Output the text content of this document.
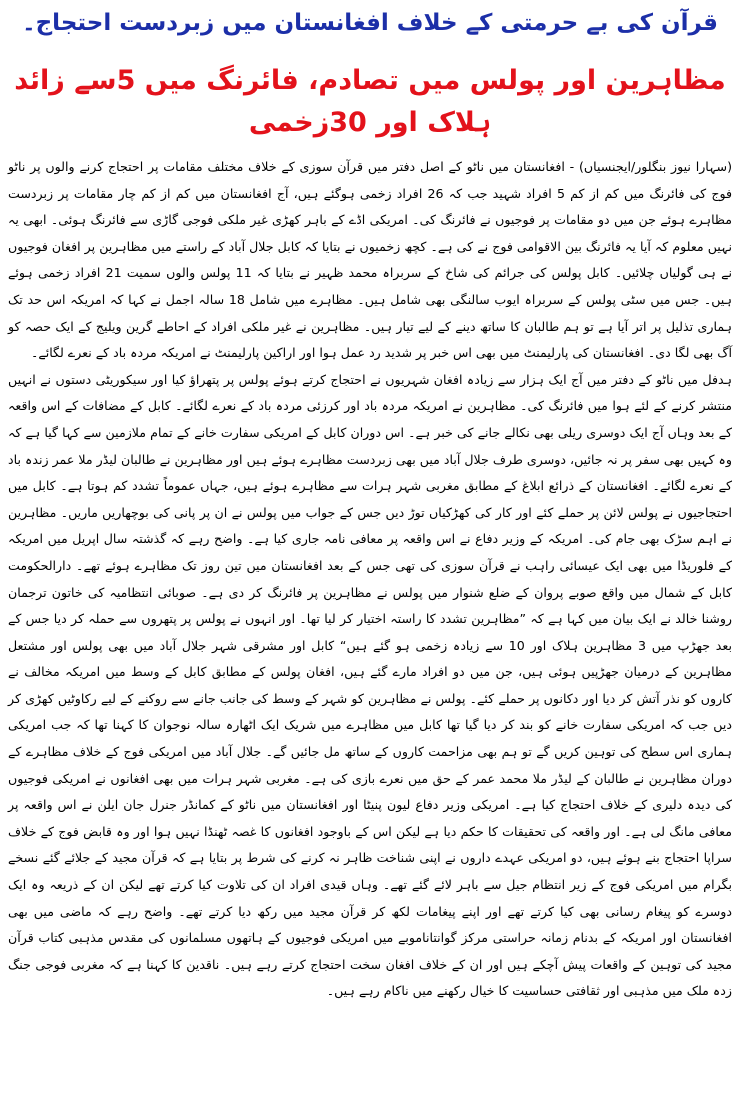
قرآن کی بے حرمتی کے خلاف افغانستان میں زبردست احتجاج۔
مظاہرین اور پولس میں تصادم، فائرنگ میں 5سے زائد ہلاک اور 30زخمی

(سہارا نیوز بنگلور/ایجنسیاں) - افغانستان میں ناٹو کے اصل دفتر میں قرآن سوزی کے خلاف مختلف مقامات پر احتجاج کرنے والوں پر ناٹو فوج کی فائرنگ میں کم از کم 5 افراد شہید جب کہ 26 افراد زخمی ہوگئے ہیں، آج افغانستان میں کم از کم چار مقامات پر زبردست مظاہرے ہوئے جن میں دو مقامات پر فوجیوں نے فائرنگ کی۔ امریکی اڈے کے باہر کھڑی غیر ملکی فوجی گاڑی سے فائرنگ ہوئی۔ ابھی یہ نہیں معلوم کہ آیا یہ فائرنگ بین الاقوامی فوج نے کی ہے۔ کچھ زخمیوں نے بتایا کہ کابل جلال آباد کے راستے میں مظاہرین پر افغان فوجیوں نے ہی گولیاں چلائیں۔ کابل پولس کی جرائم کی شاخ کے سربراہ محمد ظہیر نے بتایا کہ 11 پولس والوں سمیت 21 افراد زخمی ہوئے ہیں۔ جس میں سٹی پولس کے سربراہ ایوب سالنگی بھی شامل ہیں۔ مظاہرے میں شامل 18 سالہ اجمل نے کہا کہ امریکہ اس حد تک ہماری تذلیل پر اتر آیا ہے تو ہم طالبان کا ساتھ دینے کے لیے تیار ہیں۔ مظاہرین نے غیر ملکی افراد کے احاطے گرین ویلیج کے ایک حصہ کو آگ بھی لگا دی۔ افغانستان کی پارلیمنٹ میں بھی اس خبر پر شدید رد عمل ہوا اور اراکین پارلیمنٹ نے امریکہ مردہ باد کے نعرے لگائے۔

ہدفل میں ناٹو کے دفتر میں آج ایک ہزار سے زیادہ افغان شہریوں نے احتجاج کرتے ہوئے پولس پر پتھراؤ کیا اور سیکوریٹی دستوں نے انہیں منتشر کرنے کے لئے ہوا میں فائرنگ کی۔ مظاہرین نے امریکہ مردہ باد اور کرزئی مردہ باد کے نعرے لگائے۔ کابل کے مضافات کے اس واقعہ کے بعد وہاں آج ایک دوسری ریلی بھی نکالے جانے کی خبر ہے۔ اس دوران کابل کے امریکی سفارت خانے کے تمام ملازمین سے کہا گیا ہے کہ وہ کہیں بھی سفر پر نہ جائیں، دوسری طرف جلال آباد میں بھی زبردست مظاہرے ہوئے ہیں اور مظاہرین نے طالبان لیڈر ملا عمر زندہ باد کے نعرے لگائے۔ افغانستان کے ذرائع ابلاغ کے مطابق مغربی شہر ہرات سے مظاہرے ہوئے ہیں، جہاں عموماً تشدد کم ہوتا ہے۔ کابل میں احتجاجیوں نے پولس لائن پر حملے کئے اور کار کی کھڑکیاں توڑ دیں جس کے جواب میں پولس نے ان پر پانی کی بوچھاریں ماریں۔ مظاہرین نے اہم سڑک بھی جام کی۔ امریکہ کے وزیر دفاع نے اس واقعہ پر معافی نامہ جاری کیا ہے۔ واضح رہے کہ گذشتہ سال اپریل میں امریکہ کے فلوریڈا میں بھی ایک عیسائی راہب نے قرآن سوزی کی تھی جس کے بعد افغانستان میں تین روز تک مظاہرے ہوئے تھے۔ دارالحکومت کابل کے شمال میں واقع صوبے پروان کے ضلع شنوار میں پولس نے مظاہرین پر فائرنگ کر دی ہے۔ صوبائی انتظامیہ کی خاتون ترجمان روشنا خالد نے ایک بیان میں کہا ہے کہ ”مظاہرین تشدد کا راستہ اختیار کر لیا تھا۔ اور انہوں نے پولس پر پتھروں سے حملہ کر دیا جس کے بعد جھڑپ میں 3 مظاہرین ہلاک اور 10 سے زیادہ زخمی ہو گئے ہیں“ کابل اور مشرقی شہر جلال آباد میں بھی پولس اور مشتعل مظاہرین کے درمیان جھڑپیں ہوئی ہیں، جن میں دو افراد مارے گئے ہیں، افغان پولس کے مطابق کابل کے وسط میں امریکہ مخالف نے کاروں کو نذر آتش کر دیا اور دکانوں پر حملے کئے۔ پولس نے مظاہرین کو شہر کے وسط کی جانب جانے سے روکنے کے لیے رکاوٹیں کھڑی کر دیں جب کہ امریکی سفارت خانے کو بند کر دیا گیا تھا کابل میں مظاہرے میں شریک ایک اٹھارہ سالہ نوجوان کا کہنا تھا کہ جب امریکی ہماری اس سطح کی توہین کریں گے تو ہم بھی مزاحمت کاروں کے ساتھ مل جائیں گے۔ جلال آباد میں امریکی فوج کے خلاف مظاہرے کے دوران مظاہرین نے طالبان کے لیڈر ملا محمد عمر کے حق میں نعرے بازی کی ہے۔ مغربی شہر ہرات میں بھی افغانوں نے امریکی فوجیوں کی دیدہ دلیری کے خلاف احتجاج کیا ہے۔ امریکی وزیر دفاع لیون پنیٹا اور افغانستان میں ناٹو کے کمانڈر جنرل جان ایلن نے اس واقعہ پر معافی مانگ لی ہے۔ اور واقعہ کی تحقیقات کا حکم دیا ہے لیکن اس کے باوجود افغانوں کا غصہ ٹھنڈا نہیں ہوا اور وہ قابض فوج کے خلاف سراپا احتجاج بنے ہوئے ہیں، دو امریکی عہدے داروں نے اپنی شناخت ظاہر نہ کرنے کی شرط پر بتایا ہے کہ قرآن مجید کے جلائے گئے نسخے بگرام میں امریکی فوج کے زیر انتظام جیل سے باہر لائے گئے تھے۔ وہاں قیدی افراد ان کی تلاوت کیا کرتے تھے لیکن ان کے ذریعہ وہ ایک دوسرے کو پیغام رسانی بھی کیا کرتے تھے اور اپنے پیغامات لکھ کر قرآن مجید میں رکھ دیا کرتے تھے۔ واضح رہے کہ ماضی میں بھی افغانستان اور امریکہ کے بدنام زمانہ حراستی مرکز گوانتاناموبے میں امریکی فوجیوں کے ہاتھوں مسلمانوں کی مقدس مذہبی کتاب قرآن مجید کی توہین کے واقعات پیش آچکے ہیں اور ان کے خلاف افغان سخت احتجاج کرتے رہے ہیں۔ ناقدین کا کہنا ہے کہ مغربی فوجی جنگ زدہ ملک میں مذہبی اور ثقافتی حساسیت کا خیال رکھنے میں ناکام رہے ہیں۔
